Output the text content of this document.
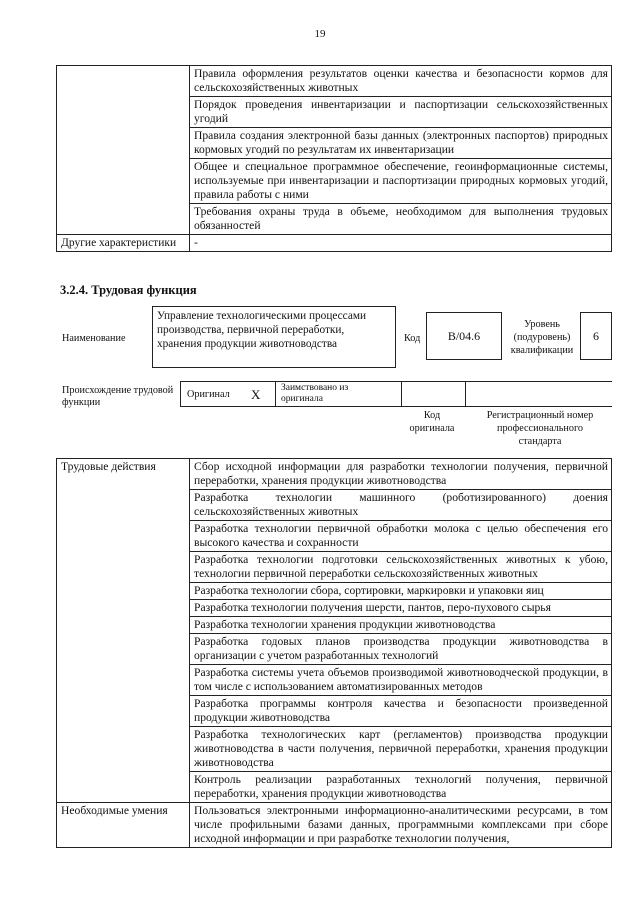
19
	Правила оформления результатов оценки качества и безопасности кормов для сельскохозяйственных животных
	Порядок проведения инвентаризации и паспортизации сельскохозяйственных угодий
	Правила создания электронной базы данных (электронных паспортов) природных кормовых угодий по результатам их инвентаризации
	Общее и специальное программное обеспечение, геоинформационные системы, используемые при инвентаризации и паспортизации природных кормовых угодий, правила работы с ними
	Требования охраны труда в объеме, необходимом для выполнения трудовых обязанностей
Другие характеристики	-
3.2.4. Трудовая функция
Наименование
Управление технологическими процессами производства, первичной переработки, хранения продукции животноводства	Код	B/04.6
Уровень (подуровень) квалификации
6
Происхождение трудовой функции
Оригинал X Заимствовано из оригинала
Код оригинала
Регистрационный номер профессионального стандарта
Трудовые действия	Сбор исходной информации для разработки технологии получения, первичной переработки, хранения продукции животноводства
	Разработка технологии машинного (роботизированного) доения сельскохозяйственных животных
	Разработка технологии первичной обработки молока с целью обеспечения его высокого качества и сохранности
	Разработка технологии подготовки сельскохозяйственных животных к убою, технологии первичной переработки сельскохозяйственных животных
	Разработка технологии сбора, сортировки, маркировки и упаковки яиц
	Разработка технологии получения шерсти, пантов, перо-пухового сырья
	Разработка технологии хранения продукции животноводства
	Разработка годовых планов производства продукции животноводства в организации с учетом разработанных технологий
	Разработка системы учета объемов производимой животноводческой продукции, в том числе с использованием автоматизированных методов
	Разработка программы контроля качества и безопасности произведенной продукции животноводства
	Разработка технологических карт (регламентов) производства продукции животноводства в части получения, первичной переработки, хранения продукции животноводства
	Контроль реализации разработанных технологий получения, первичной переработки, хранения продукции животноводства
Необходимые умения	Пользоваться электронными информационно-аналитическими ресурсами, в том числе профильными базами данных, программными комплексами при сборе исходной информации и при разработке технологии получения,
